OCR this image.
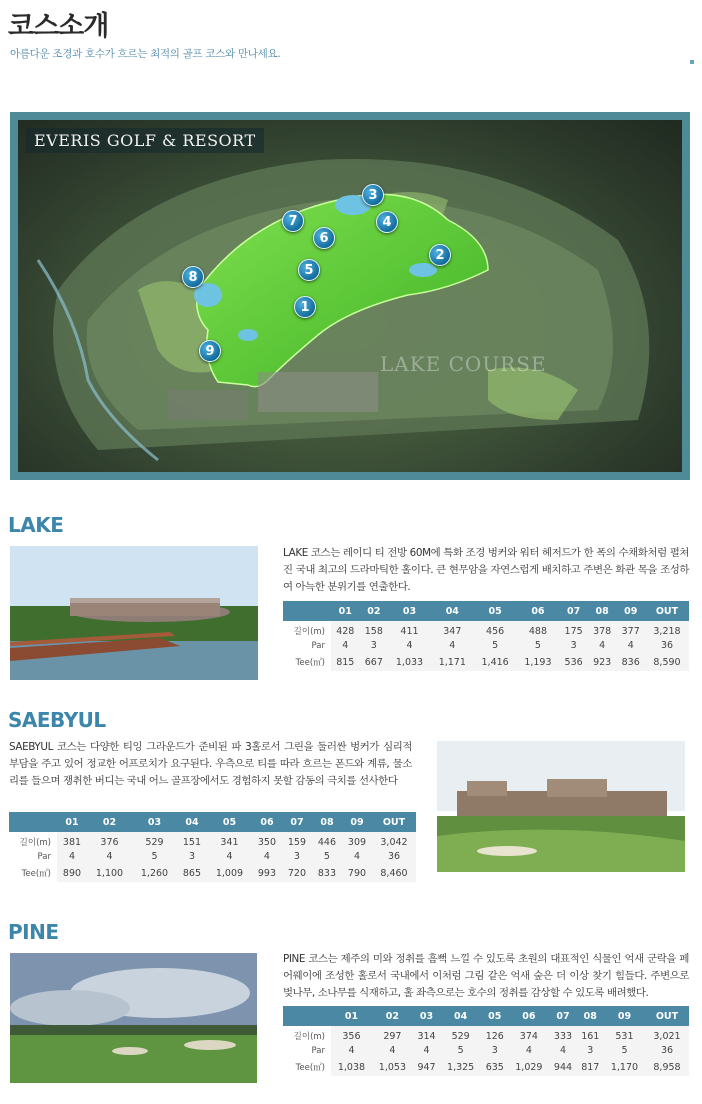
코스소개
아름다운 조경과 호수가 흐르는 최적의 골프 코스와 만나세요.
EVERIS GOLF & RESORT
LAKE COURSE
1
2
3
4
5
6
7
8
9
LAKE
LAKE 코스는 레이디 티 전방 60M에 특화 조경 벙커와 워터 헤저드가 한 폭의 수채화처럼 펼쳐진 국내 최고의 드라마틱한 홀이다. 큰 현무암을 자연스럽게 배치하고 주변은 화관 목을 조성하여 아늑한 분위기를 연출한다.
	01	02	03	04	05	06	07	08	09	OUT
길이(m)	428	158	411	347	456	488	175	378	377	3,218
Par	4	3	4	4	5	5	3	4	4	36
Tee(㎡)	815	667	1,033	1,171	1,416	1,193	536	923	836	8,590
SAEBYUL
SAEBYUL 코스는 다양한 티잉 그라운드가 준비된 파 3홀로서 그린을 둘러싼 벙커가 심리적 부담을 주고 있어 정교한 어프로치가 요구된다. 우측으로 티를 따라 흐르는 폰드와 계류, 물소리를 들으며 쟁취한 버디는 국내 어느 골프장에서도 경험하지 못할 감동의 극치를 선사한다
	01	02	03	04	05	06	07	08	09	OUT
길이(m)	381	376	529	151	341	350	159	446	309	3,042
Par	4	4	5	3	4	4	3	5	4	36
Tee(㎡)	890	1,100	1,260	865	1,009	993	720	833	790	8,460
PINE
PINE 코스는 제주의 미와 정취를 흠뻑 느낄 수 있도록 초원의 대표적인 식물인 억새 군락을 페어웨이에 조성한 홀로서 국내에서 이처럼 그림 같은 억새 숲은 더 이상 찾기 힘들다. 주변으로 벚나무, 소나무를 식재하고, 홀 좌측으로는 호수의 정취를 감상할 수 있도록 배려했다.
	01	02	03	04	05	06	07	08	09	OUT
길이(m)	356	297	314	529	126	374	333	161	531	3,021
Par	4	4	4	5	3	4	4	3	5	36
Tee(㎡)	1,038	1,053	947	1,325	635	1,029	944	817	1,170	8,958
